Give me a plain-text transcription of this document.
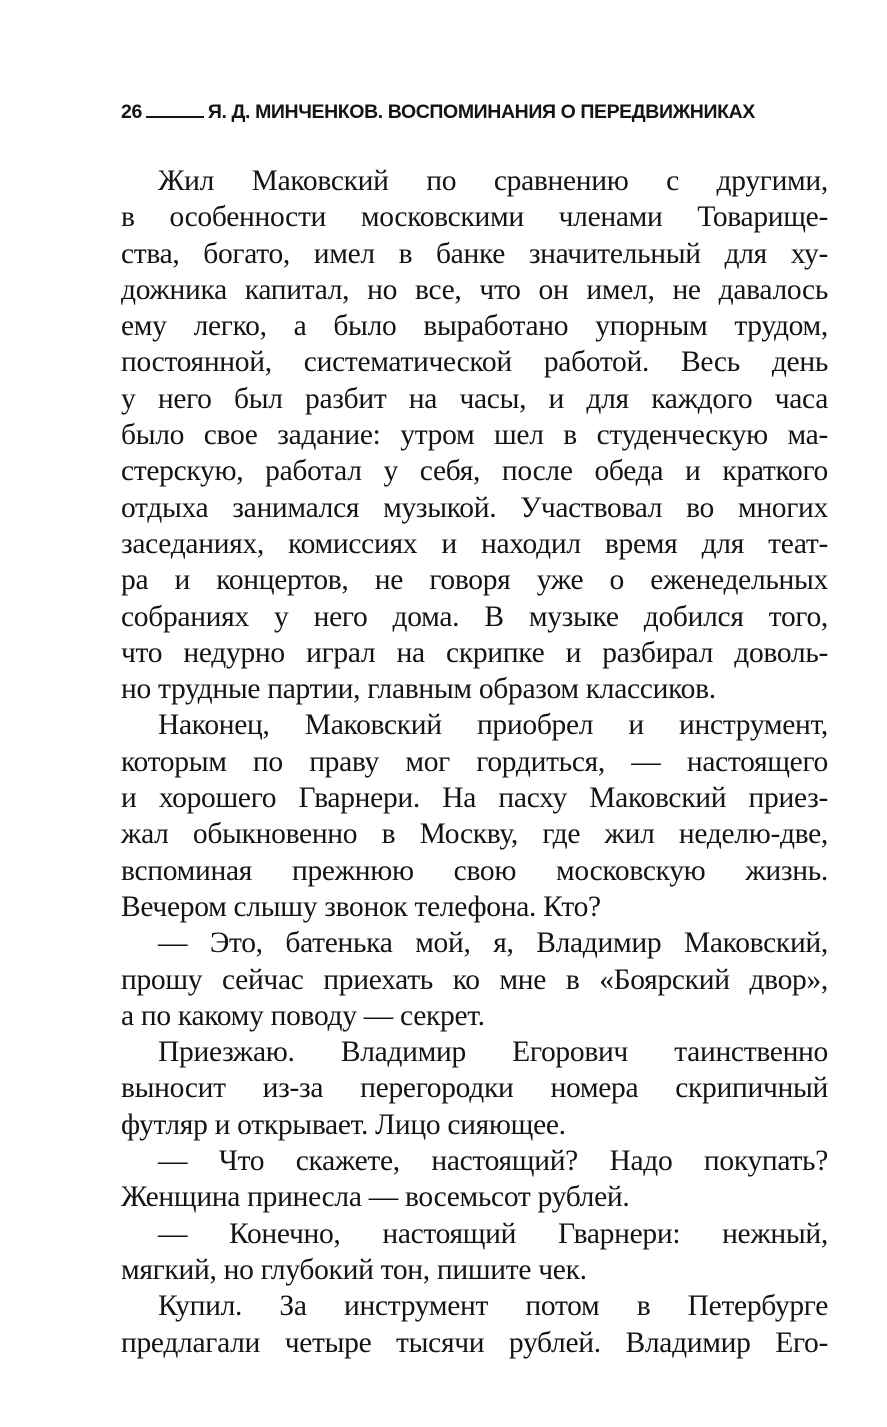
26	Я. Д. МИНЧЕНКОВ. ВОСПОМИНАНИЯ О ПЕРЕДВИЖНИКАХ
Жил Маковский по сравнению с другими,
в особенности московскими членами Товарище-
ства, богато, имел в банке значительный для ху-
дожника капитал, но все, что он имел, не давалось
ему легко, а было выработано упорным трудом,
постоянной, систематической работой. Весь день
у него был разбит на часы, и для каждого часа
было свое задание: утром шел в студенческую ма-
стерскую, работал у себя, после обеда и краткого
отдыха занимался музыкой. Участвовал во многих
заседаниях, комиссиях и находил время для теат-
ра и концертов, не говоря уже о еженедельных
собраниях у него дома. В музыке добился того,
что недурно играл на скрипке и разбирал доволь-
но трудные партии, главным образом классиков.
Наконец, Маковский приобрел и инструмент,
которым по праву мог гордиться, — настоящего
и хорошего Гварнери. На пасху Маковский приез-
жал обыкновенно в Москву, где жил неделю-две,
вспоминая прежнюю свою московскую жизнь.
Вечером слышу звонок телефона. Кто?
— Это, батенька мой, я, Владимир Маковский,
прошу сейчас приехать ко мне в «Боярский двор»,
а по какому поводу — секрет.
Приезжаю. Владимир Егорович таинственно
выносит из-за перегородки номера скрипичный
футляр и открывает. Лицо сияющее.
— Что скажете, настоящий? Надо покупать?
Женщина принесла — восемьсот рублей.
— Конечно, настоящий Гварнери: нежный,
мягкий, но глубокий тон, пишите чек.
Купил. За инструмент потом в Петербурге
предлагали четыре тысячи рублей. Владимир Его-
